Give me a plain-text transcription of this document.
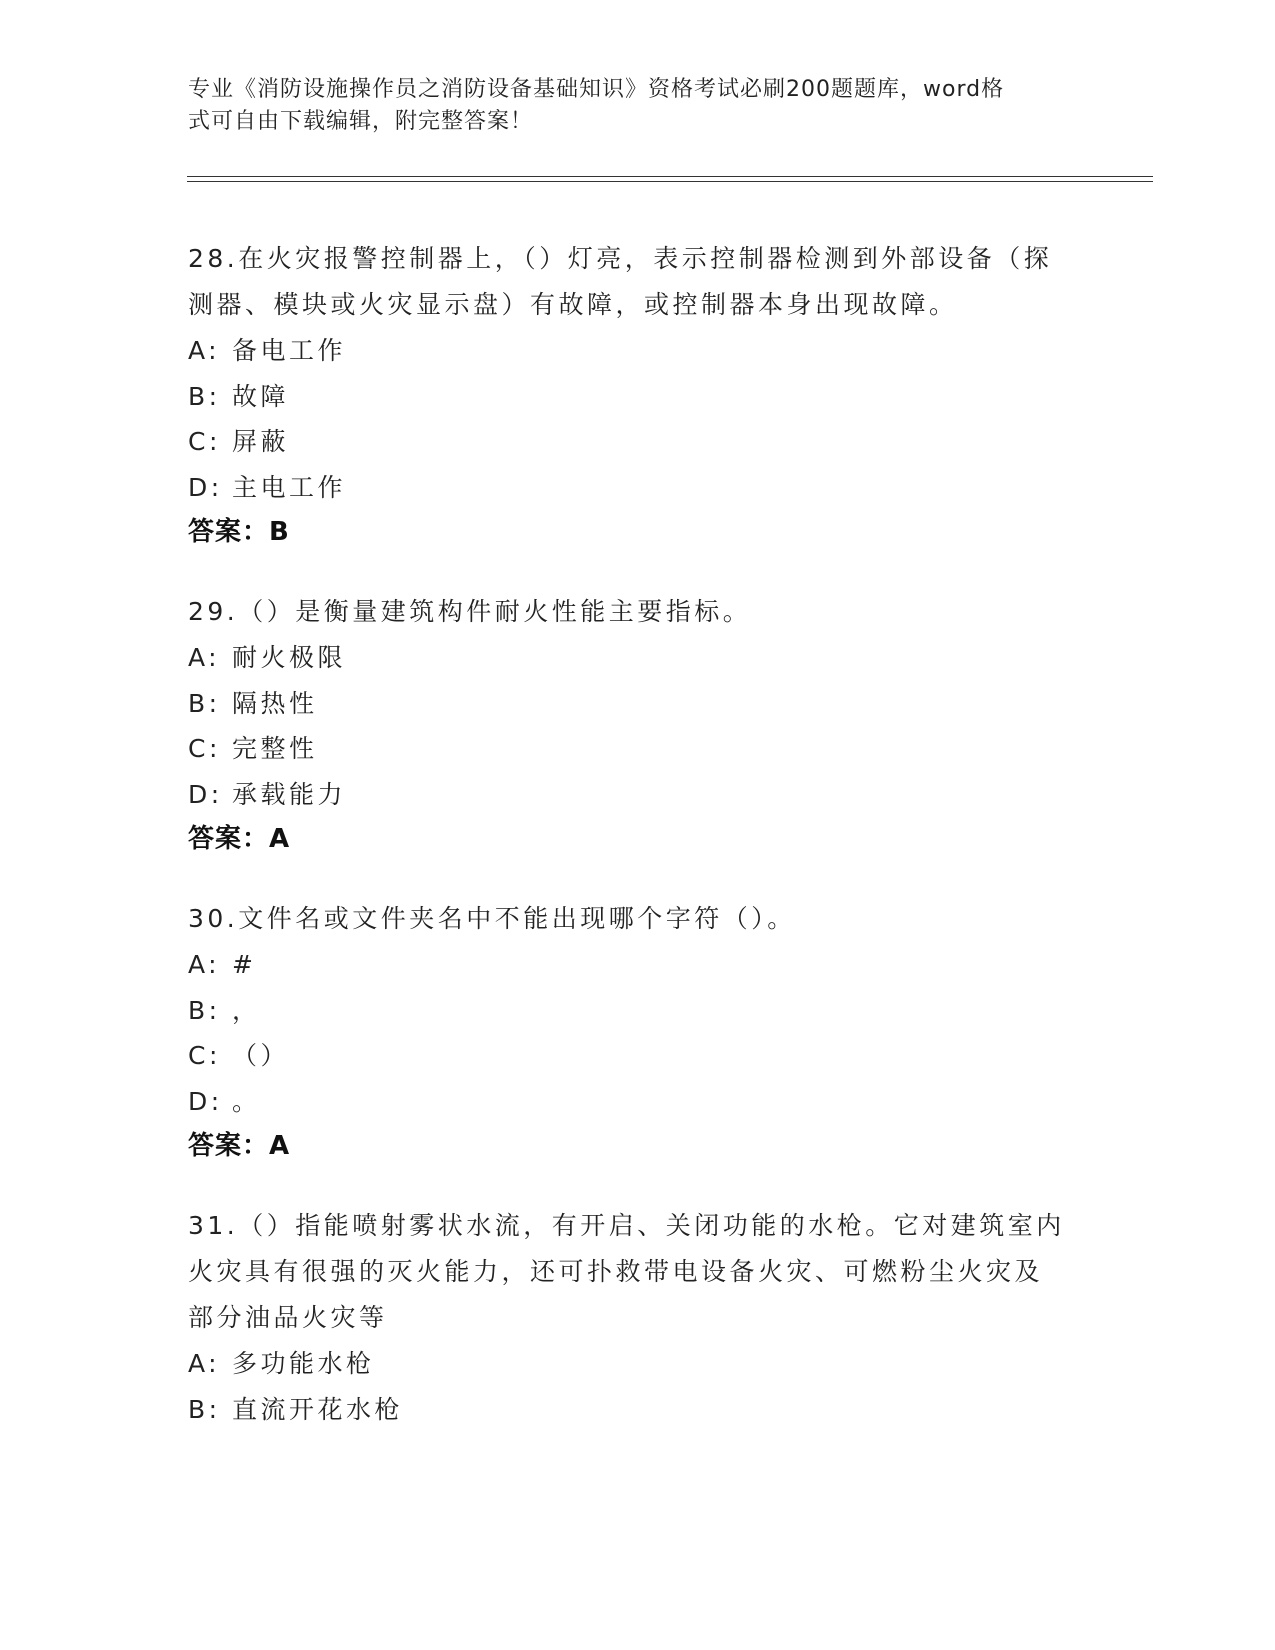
专业《消防设施操作员之消防设备基础知识》资格考试必刷200题题库，word格
式可自由下载编辑，附完整答案！
28.在火灾报警控制器上，（）灯亮，表示控制器检测到外部设备（探
测器、模块或火灾显示盘）有故障，或控制器本身出现故障。
A: 备电工作
B: 故障
C: 屏蔽
D: 主电工作
答案：B
29.（）是衡量建筑构件耐火性能主要指标。
A: 耐火极限
B: 隔热性
C: 完整性
D: 承载能力
答案：A
30.文件名或文件夹名中不能出现哪个字符（）。
A: #
B: ，
C: （）
D: 。
答案：A
31.（）指能喷射雾状水流，有开启、关闭功能的水枪。它对建筑室内
火灾具有很强的灭火能力，还可扑救带电设备火灾、可燃粉尘火灾及
部分油品火灾等
A: 多功能水枪
B: 直流开花水枪
